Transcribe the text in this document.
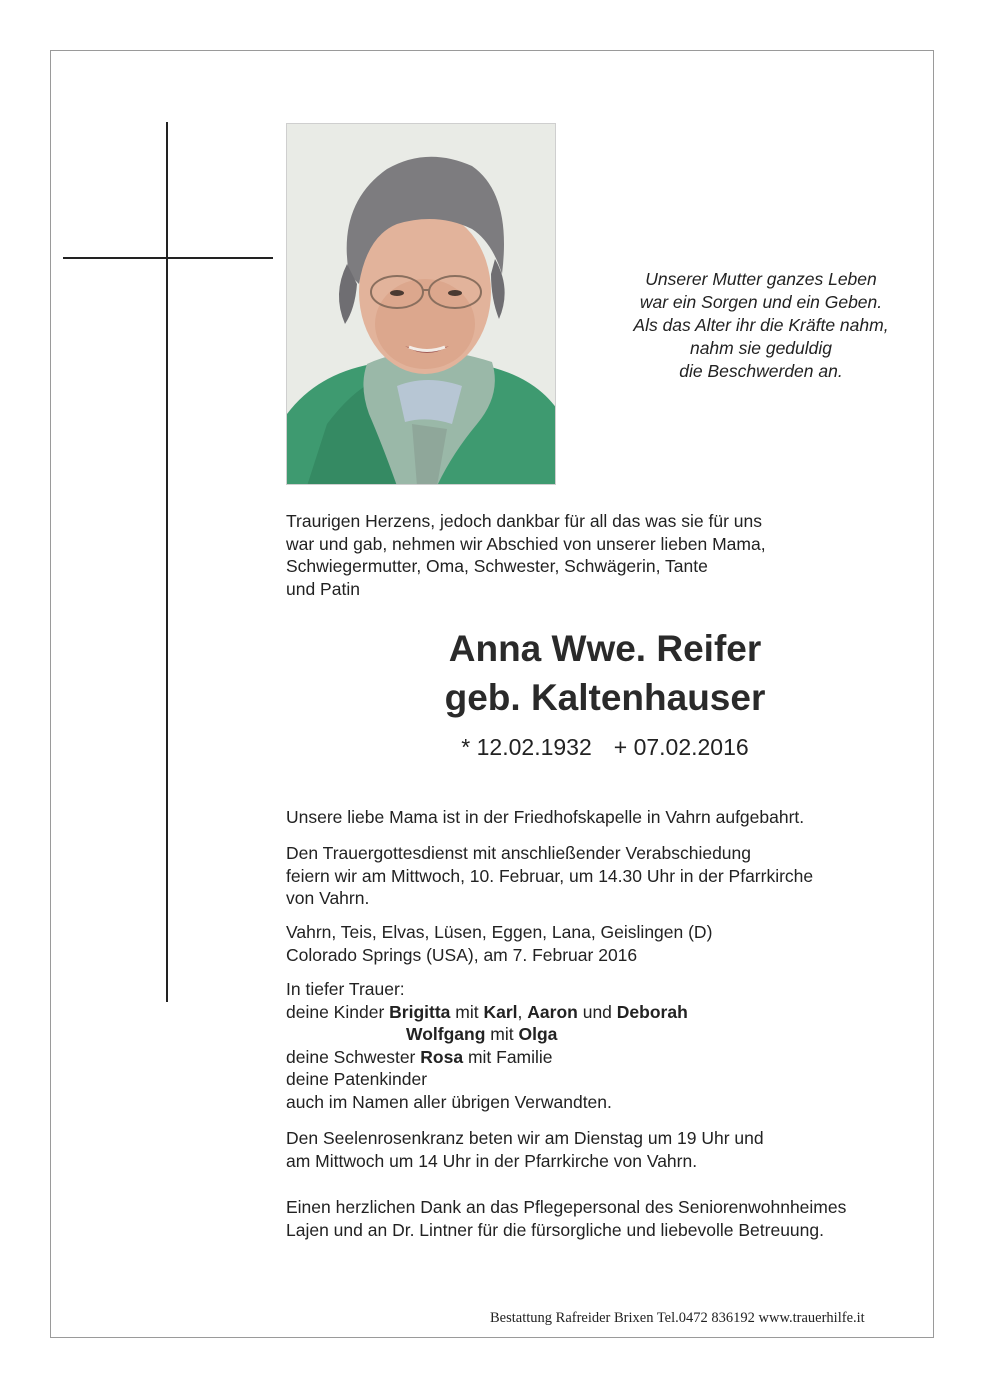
Unserer Mutter ganzes Leben
war ein Sorgen und ein Geben.
Als das Alter ihr die Kräfte nahm,
nahm sie geduldig
die Beschwerden an.
Traurigen Herzens, jedoch dankbar für all das was sie für uns
war und gab, nehmen wir Abschied von unserer lieben Mama,
Schwiegermutter, Oma, Schwester, Schwägerin, Tante
und Patin
Anna Wwe. Reifer
geb. Kaltenhauser
* 12.02.1932 + 07.02.2016
Unsere liebe Mama ist in der Friedhofskapelle in Vahrn aufgebahrt.
Den Trauergottesdienst mit anschließender Verabschiedung
feiern wir am Mittwoch, 10. Februar, um 14.30 Uhr in der Pfarrkirche
von Vahrn.
Vahrn, Teis, Elvas, Lüsen, Eggen, Lana, Geislingen (D)
Colorado Springs (USA), am 7. Februar 2016
In tiefer Trauer:
deine Kinder Brigitta mit Karl, Aaron und Deborah
Wolfgang mit Olga
deine Schwester Rosa mit Familie
deine Patenkinder
auch im Namen aller übrigen Verwandten.
Den Seelenrosenkranz beten wir am Dienstag um 19 Uhr und
am Mittwoch um 14 Uhr in der Pfarrkirche von Vahrn.
Einen herzlichen Dank an das Pflegepersonal des Seniorenwohnheimes
Lajen und an Dr. Lintner für die fürsorgliche und liebevolle Betreuung.
Bestattung Rafreider Brixen Tel.0472 836192 www.trauerhilfe.it
